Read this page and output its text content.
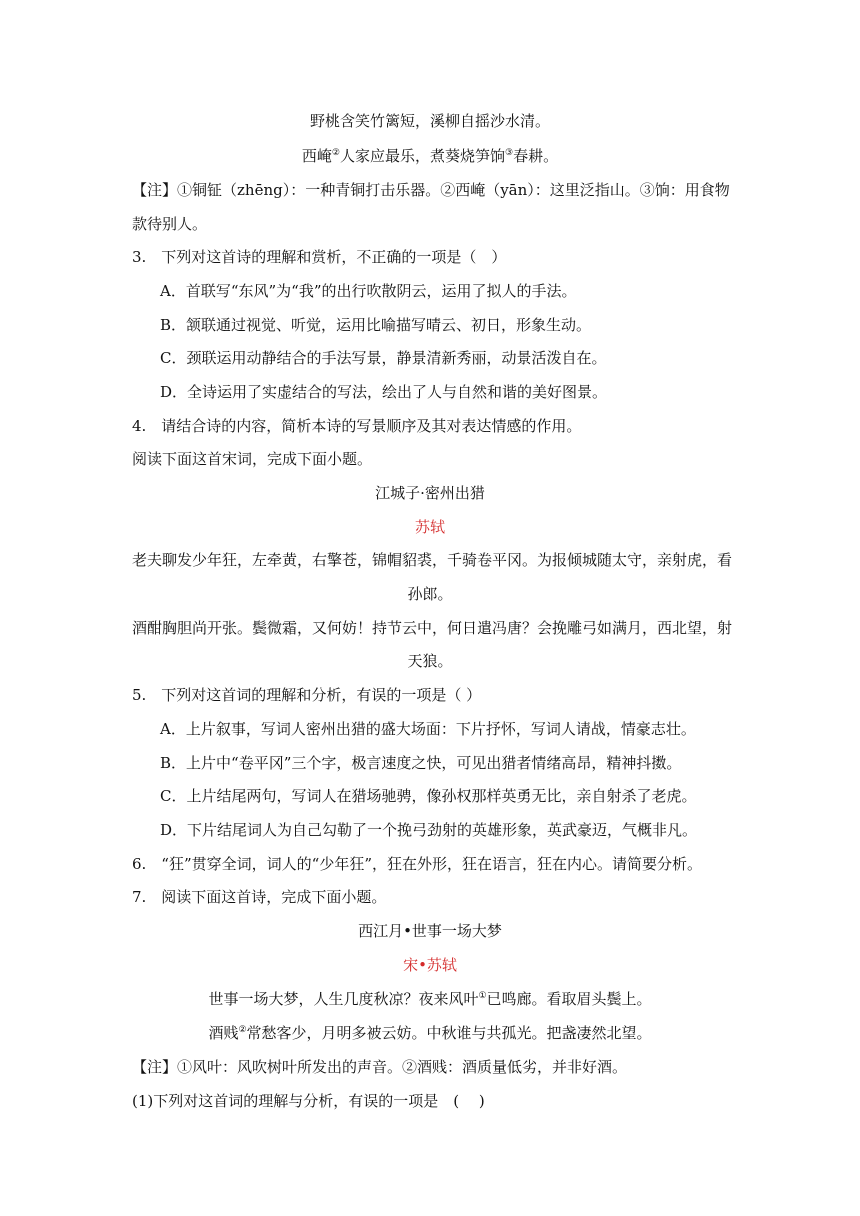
野桃含笑竹篱短，溪柳自摇沙水清。
西崦②人家应最乐，煮葵烧笋饷③春耕。
【注】①铜钲（zhēng）：一种青铜打击乐器。②西崦（yān）：这里泛指山。③饷：用食物
款待别人。
3.　下列对这首诗的理解和赏析，不正确的一项是（　）
A．首联写“东风”为“我”的出行吹散阴云，运用了拟人的手法。
B．颔联通过视觉、听觉，运用比喻描写晴云、初日，形象生动。
C．颈联运用动静结合的手法写景，静景清新秀丽，动景活泼自在。
D．全诗运用了实虚结合的写法，绘出了人与自然和谐的美好图景。
4.　请结合诗的内容，简析本诗的写景顺序及其对表达情感的作用。
阅读下面这首宋词，完成下面小题。
江城子·密州出猎
苏轼
老夫聊发少年狂，左牵黄，右擎苍，锦帽貂裘，千骑卷平冈。为报倾城随太守，亲射虎，看
孙郎。
酒酣胸胆尚开张。鬓微霜，又何妨！持节云中，何日遣冯唐？会挽雕弓如满月，西北望，射
天狼。
5.　下列对这首词的理解和分析，有误的一项是（ ）
A．上片叙事，写词人密州出猎的盛大场面：下片抒怀，写词人请战，情豪志壮。
B．上片中“卷平冈”三个字，极言速度之快，可见出猎者情绪高昂，精神抖擞。
C．上片结尾两句，写词人在猎场驰骋，像孙权那样英勇无比，亲自射杀了老虎。
D．下片结尾词人为自己勾勒了一个挽弓劲射的英雄形象，英武豪迈，气概非凡。
6.　“狂”贯穿全词，词人的“少年狂”，狂在外形，狂在语言，狂在内心。请简要分析。
7.　阅读下面这首诗，完成下面小题。
西江月•世事一场大梦
宋•苏轼
世事一场大梦，人生几度秋凉？夜来风叶①已鸣廊。看取眉头鬓上。
酒贱②常愁客少，月明多被云妨。中秋谁与共孤光。把盏凄然北望。
【注】①风叶：风吹树叶所发出的声音。②酒贱：酒质量低劣，并非好酒。
(1)下列对这首词的理解与分析，有误的一项是　(　 )
